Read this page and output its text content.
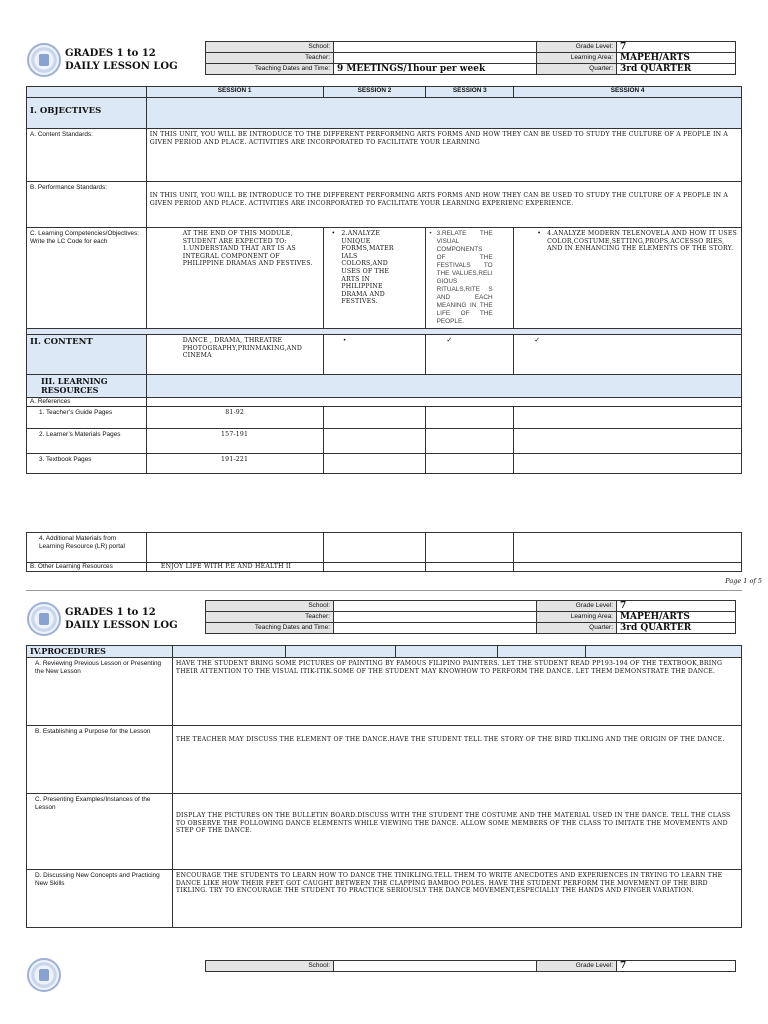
GRADES 1 to 12
DAILY LESSON LOG
School:		Grade Level:	7
Teacher:		Learning Area:	MAPEH/ARTS
Teaching Dates and Time:	9 MEETINGS/1hour per week	Quarter:	3rd QUARTER
	SESSION 1	SESSION 2	SESSION 3	SESSION 4
I. OBJECTIVES				
A. Content Standards:	IN THIS UNIT, YOU WILL BE INTRODUCE TO THE DIFFERENT PERFORMING ARTS FORMS AND HOW THEY CAN BE USED TO STUDY THE CULTURE OF A PEOPLE IN A GIVEN PERIOD AND PLACE. ACTIVITIES ARE INCORPORATED TO FACILITATE YOUR LEARNING			
B. Performance Standards:	IN THIS UNIT, YOU WILL BE INTRODUCE TO THE DIFFERENT PERFORMING ARTS FORMS AND HOW THEY CAN BE USED TO STUDY THE CULTURE OF A PEOPLE IN A GIVEN PERIOD AND PLACE. ACTIVITIES ARE INCORPORATED TO FACILITATE YOUR LEARNING EXPERIENC EXPERIENCE.			
C. Learning Competencies/Objectives: Write the LC Code for each	AT THE END OF THIS MODULE, STUDENT ARE EXPECTED TO: 1.UNDERSTAND THAT ART IS AS INTEGRAL COMPONENT OF PHILIPPINE DRAMAS AND FESTIVES.	• 2.ANALYZE UNIQUE FORMS,MATER IALS COLORS,AND USES OF THE ARTS IN PHILIPPINE DRAMA AND FESTIVES.	• 3.RELATE THE VISUAL COMPONENTS OF THE FESTIVALS TO THE VALUES,RELI GIOUS RITUALS,RITE S AND EACH MEANING IN THE LIFE OF THE PEOPLE.	• 4.ANALYZE MODERN TELENOVELA AND HOW IT USES COLOR,COSTUME,SETTING,PROPS,ACCESSO RIES, AND IN ENHANCING THE ELEMENTS OF THE STORY.

II. CONTENT	DANCE , DRAMA, THREATRE PHOTOGRAPHY,PRINMAKING,AND CINEMA	•	✓	✓
III. LEARNING RESOURCES				
A. References				
1. Teacher’s Guide Pages	81-92			
2. Learner’s Materials Pages	157-191			
3. Textbook Pages	191-221			
4. Additional Materials from Learning Resource (LR) portal				
B. Other Learning Resources	ENJOY LIFE WITH P.E AND HEALTH II			
Page 1 of 5
GRADES 1 to 12
DAILY LESSON LOG
School:		Grade Level:	7
Teacher:		Learning Area:	MAPEH/ARTS
Teaching Dates and Time:		Quarter:	3rd QUARTER
IV.PROCEDURES					
A. Reviewing Previous Lesson or Presenting the New Lesson	HAVE THE STUDENT BRING SOME PICTURES OF PAINTING BY FAMOUS FILIPINO PAINTERS. LET THE STUDENT READ PP193-194 OF THE TEXTBOOK,BRING THEIR ATTENTION TO THE VISUAL ITIK-ITIK.SOME OF THE STUDENT MAY KNOWHOW TO PERFORM THE DANCE. LET THEM DEMONSTRATE THE DANCE.				
B. Establishing a Purpose for the Lesson	THE TEACHER MAY DISCUSS THE ELEMENT OF THE DANCE.HAVE THE STUDENT TELL THE STORY OF THE BIRD TIKLING AND THE ORIGIN OF THE DANCE.				
C. Presenting Examples/Instances of the Lesson	DISPLAY THE PICTURES ON THE BULLETIN BOARD.DISCUSS WITH THE STUDENT THE COSTUME AND THE MATERIAL USED IN THE DANCE. TELL THE CLASS TO OBSERVE THE FOLLOWING DANCE ELEMENTS WHILE VIEWING THE DANCE. ALLOW SOME MEMBERS OF THE CLASS TO IMITATE THE MOVEMENTS AND STEP OF THE DANCE.				
D. Discussing New Concepts and Practicing New Skills	ENCOURAGE THE STUDENTS TO LEARN HOW TO DANCE THE TINIKLING.TELL THEM TO WRITE ANECDOTES AND EXPERIENCES IN TRYING TO LEARN THE DANCE LIKE HOW THEIR FEET GOT CAUGHT BETWEEN THE CLAPPING BAMBOO POLES. HAVE THE STUDENT PERFORM THE MOVEMENT OF THE BIRD TIKLING. TRY TO ENCOURAGE THE STUDENT TO PRACTICE SERIOUSLY THE DANCE MOVEMENT,ESPECIALLY THE HANDS AND FINGER VARIATION.				
School:		Grade Level:	7
